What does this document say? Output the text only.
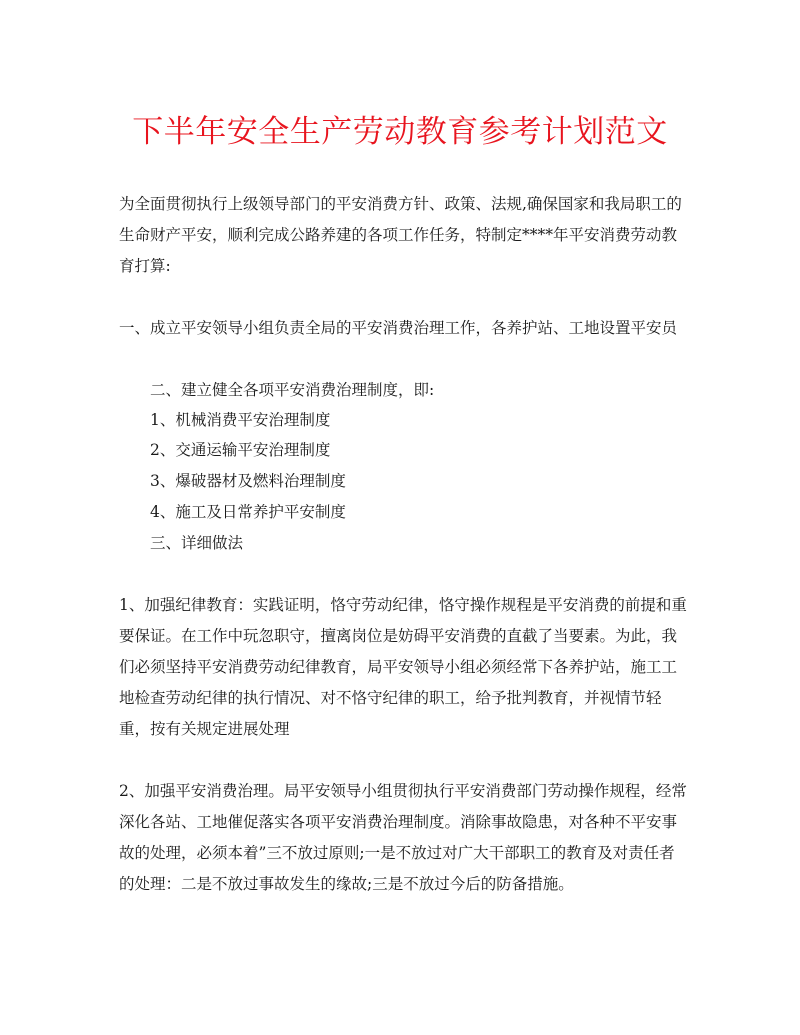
下半年安全生产劳动教育参考计划范文

为全面贯彻执行上级领导部门的平安消费方针、政策、法规,确保国家和我局职工的生命财产平安，顺利完成公路养建的各项工作任务，特制定****年平安消费劳动教育打算:

一、成立平安领导小组负责全局的平安消费治理工作，各养护站、工地设置平安员

二、建立健全各项平安消费治理制度，即:

1、机械消费平安治理制度

2、交通运输平安治理制度

3、爆破器材及燃料治理制度

4、施工及日常养护平安制度

三、详细做法

1、加强纪律教育：实践证明，恪守劳动纪律，恪守操作规程是平安消费的前提和重要保证。在工作中玩忽职守，擅离岗位是妨碍平安消费的直截了当要素。为此，我们必须坚持平安消费劳动纪律教育，局平安领导小组必须经常下各养护站，施工工地检查劳动纪律的执行情况、对不恪守纪律的职工，给予批判教育，并视情节轻重，按有关规定进展处理

2、加强平安消费治理。局平安领导小组贯彻执行平安消费部门劳动操作规程，经常深化各站、工地催促落实各项平安消费治理制度。消除事故隐患，对各种不平安事故的处理，必须本着”三不放过原则;一是不放过对广大干部职工的教育及对责任者的处理：二是不放过事故发生的缘故;三是不放过今后的防备措施。
